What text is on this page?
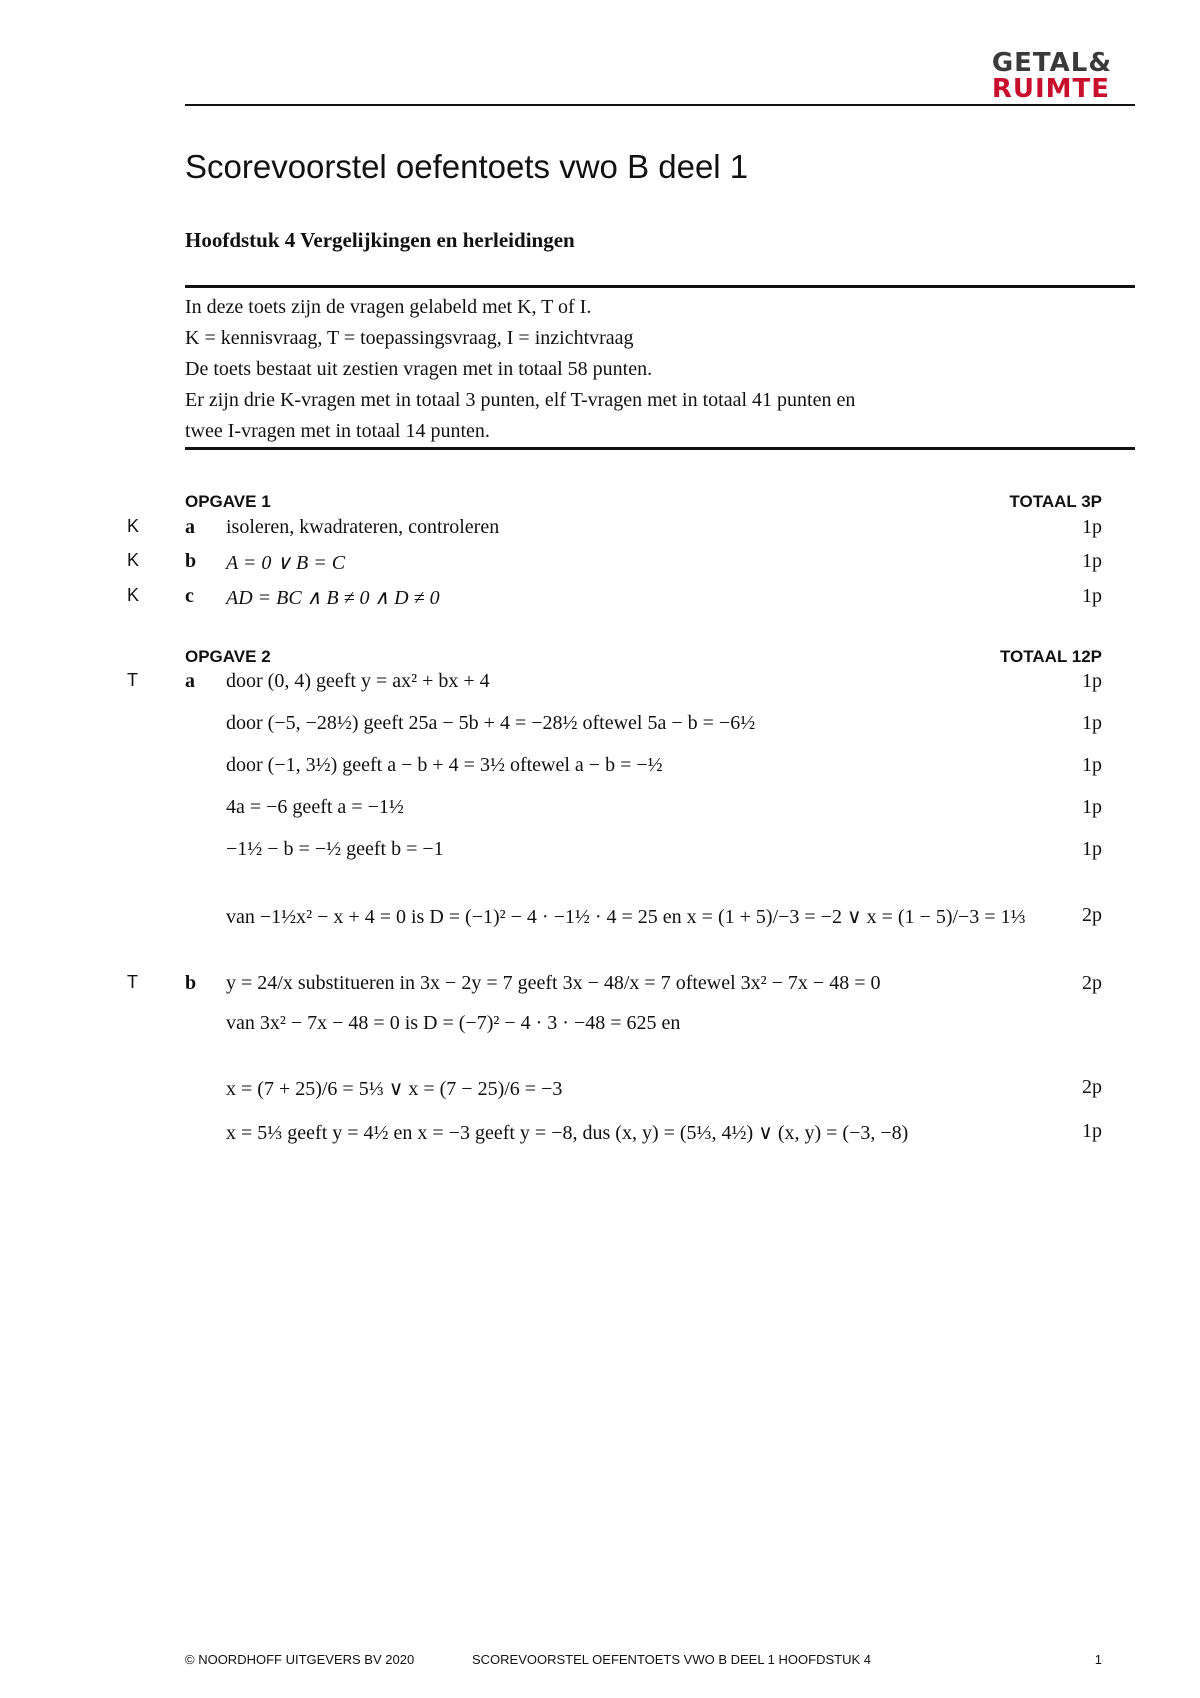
GETAL&
RUIMTE
Scorevoorstel oefentoets vwo B deel 1
Hoofdstuk 4 Vergelijkingen en herleidingen
In deze toets zijn de vragen gelabeld met K, T of I.
K = kennisvraag, T = toepassingsvraag, I = inzichtvraag
De toets bestaat uit zestien vragen met in totaal 58 punten.
Er zijn drie K-vragen met in totaal 3 punten, elf T-vragen met in totaal 41 punten en
twee I-vragen met in totaal 14 punten.
OPGAVE 1	TOTAAL 3P
K a isoleren, kwadrateren, controleren	1p
K b A = 0 ∨ B = C	1p
K c AD = BC ∧ B ≠ 0 ∧ D ≠ 0	1p
OPGAVE 2	TOTAAL 12P
T a door (0, 4) geeft y = ax² + bx + 4	1p
door (−5, −28½) geeft 25a − 5b + 4 = −28½ oftewel 5a − b = −6½	1p
door (−1, 3½) geeft a − b + 4 = 3½ oftewel a − b = −½	1p
4a = −6 geeft a = −1½	1p
−1½ − b = −½ geeft b = −1	1p
van −1½x² − x + 4 = 0 is D = (−1)² − 4 · −1½ · 4 = 25 en x = (1 + 5)/−3 = −2 ∨ x = (1 − 5)/−3 = 1⅓	2p
T b y = 24/x substitueren in 3x − 2y = 7 geeft 3x − 48/x = 7 oftewel 3x² − 7x − 48 = 0	2p
van 3x² − 7x − 48 = 0 is D = (−7)² − 4 · 3 · −48 = 625 en
x = (7 + 25)/6 = 5⅓ ∨ x = (7 − 25)/6 = −3	2p
x = 5⅓ geeft y = 4½ en x = −3 geeft y = −8, dus (x, y) = (5⅓, 4½) ∨ (x, y) = (−3, −8)	1p
© NOORDHOFF UITGEVERS BV 2020	SCOREVOORSTEL OEFENTOETS VWO B DEEL 1 HOOFDSTUK 4	1
